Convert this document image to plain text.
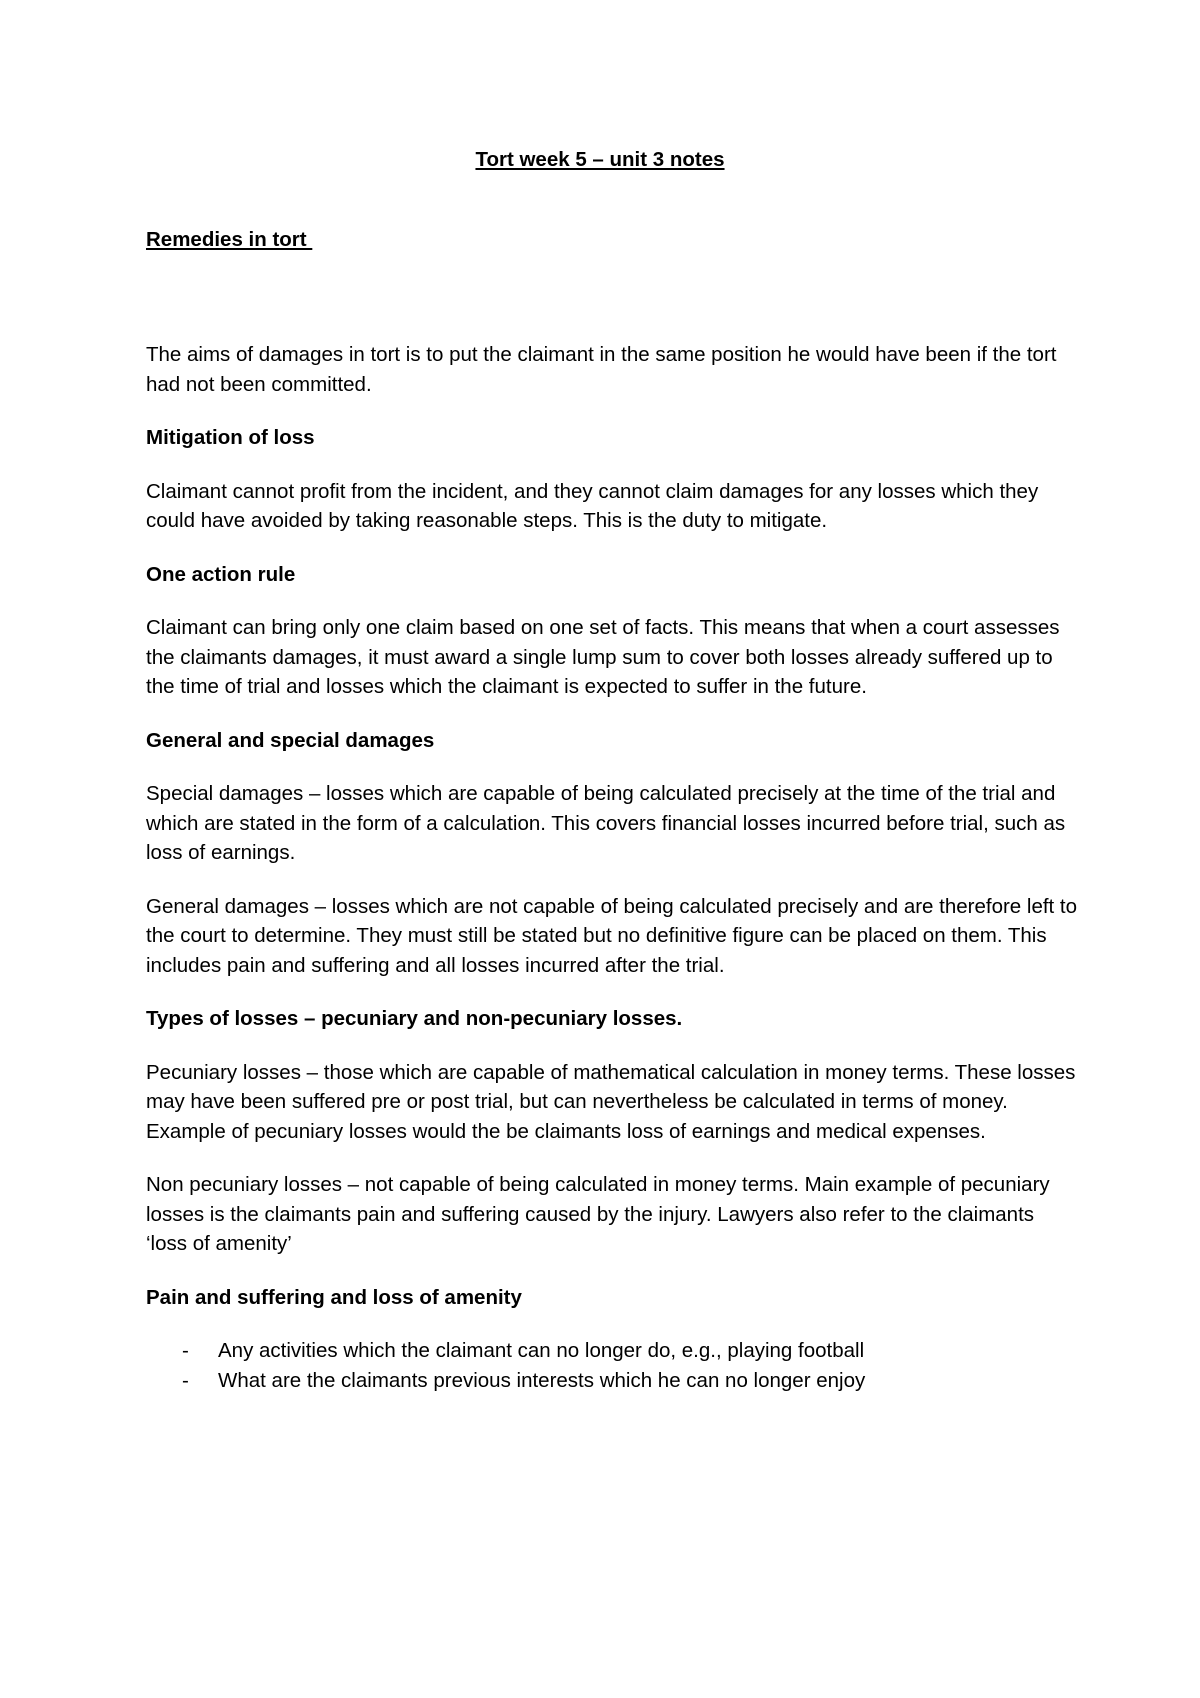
Tort week 5 – unit 3 notes
Remedies in tort

The aims of damages in tort is to put the claimant in the same position he would have been if the tort had not been committed.

Mitigation of loss

Claimant cannot profit from the incident, and they cannot claim damages for any losses which they could have avoided by taking reasonable steps. This is the duty to mitigate.

One action rule

Claimant can bring only one claim based on one set of facts. This means that when a court assesses the claimants damages, it must award a single lump sum to cover both losses already suffered up to the time of trial and losses which the claimant is expected to suffer in the future.

General and special damages

Special damages – losses which are capable of being calculated precisely at the time of the trial and which are stated in the form of a calculation. This covers financial losses incurred before trial, such as loss of earnings.

General damages – losses which are not capable of being calculated precisely and are therefore left to the court to determine. They must still be stated but no definitive figure can be placed on them. This includes pain and suffering and all losses incurred after the trial.

Types of losses – pecuniary and non-pecuniary losses.

Pecuniary losses – those which are capable of mathematical calculation in money terms. These losses may have been suffered pre or post trial, but can nevertheless be calculated in terms of money. Example of pecuniary losses would the be claimants loss of earnings and medical expenses.

Non pecuniary losses – not capable of being calculated in money terms. Main example of pecuniary losses is the claimants pain and suffering caused by the injury. Lawyers also refer to the claimants ‘loss of amenity’

Pain and suffering and loss of amenity
-	Any activities which the claimant can no longer do, e.g., playing football
-	What are the claimants previous interests which he can no longer enjoy
